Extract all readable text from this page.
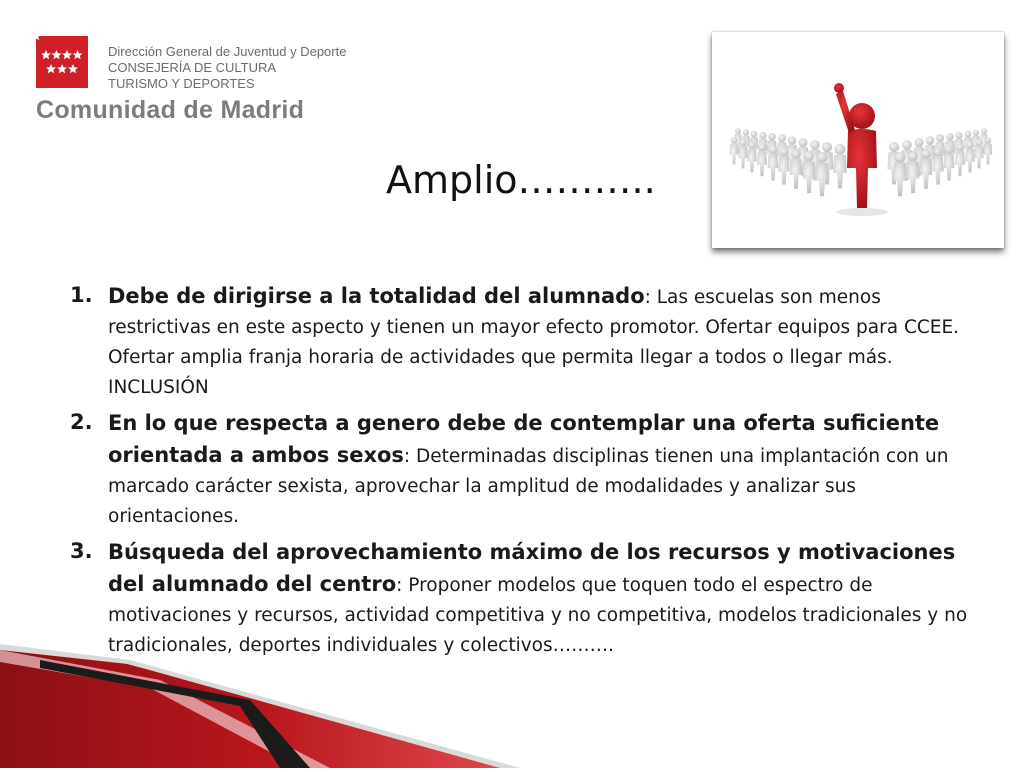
Dirección General de Juventud y Deporte
CONSEJERÍA DE CULTURA
TURISMO Y DEPORTES
Comunidad de Madrid
Amplio………..
1. Debe de dirigirse a la totalidad del alumnado: Las escuelas son menos restrictivas en este aspecto y tienen un mayor efecto promotor. Ofertar equipos para CCEE. Ofertar amplia franja horaria de actividades que permita llegar a todos o llegar más. INCLUSIÓN
2. En lo que respecta a genero debe de contemplar una oferta suficiente orientada a ambos sexos: Determinadas disciplinas tienen una implantación con un marcado carácter sexista, aprovechar la amplitud de modalidades y analizar sus orientaciones.
3. Búsqueda del aprovechamiento máximo de los recursos y motivaciones del alumnado del centro: Proponer modelos que toquen todo el espectro de motivaciones y recursos, actividad competitiva y no competitiva, modelos tradicionales y no tradicionales, deportes individuales y colectivos……….
